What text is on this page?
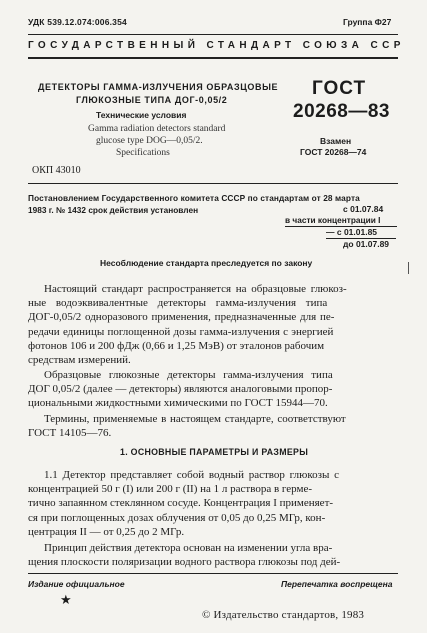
УДК 539.12.074:006.354	Группа Ф27
ГОСУДАРСТВЕННЫЙ СТАНДАРТ СОЮЗА ССР
ДЕТЕКТОРЫ ГАММА-ИЗЛУЧЕНИЯ ОБРАЗЦОВЫЕ
ГЛЮКОЗНЫЕ ТИПА ДОГ-0,05/2
Технические условия
Gamma radiation detectors standard
glucose type DOG—0,05/2.
Specifications
ГОСТ
20268—83
Взамен
ГОСТ 20268—74
ОКП 43010
Постановлением Государственного комитета СССР по стандартам от 28 марта
1983 г. № 1432 срок действия установлен	с 01.07.84
в части концентрации I
— с 01.01.85
до 01.07.89
Несоблюдение стандарта преследуется по закону
Настоящий стандарт распространяется на образцовые глюкоз-
ные водоэквивалентные детекторы гамма-излучения типа
ДОГ-0,05/2 одноразового применения, предназначенные для пе-
редачи единицы поглощенной дозы гамма-излучения с энергией
фотонов 106 и 200 фДж (0,66 и 1,25 МэВ) от эталонов рабочим
средствам измерений.
Образцовые глюкозные детекторы гамма-излучения типа
ДОГ 0,05/2 (далее — детекторы) являются аналоговыми пропор-
циональными жидкостными химическими по ГОСТ 15944—70.
Термины, применяемые в настоящем стандарте, соответствуют
ГОСТ 14105—76.
1. ОСНОВНЫЕ ПАРАМЕТРЫ И РАЗМЕРЫ
1.1 Детектор представляет собой водный раствор глюкозы с
концентрацией 50 г (I) или 200 г (II) на 1 л раствора в герме-
тично запаянном стеклянном сосуде. Концентрация I применяет-
ся при поглощенных дозах облучения от 0,05 до 0,25 МГр, кон-
центрация II — от 0,25 до 2 МГр.
Принцип действия детектора основан на изменении угла вра-
щения плоскости поляризации водного раствора глюкозы под дей-
Издание официальное	Перепечатка воспрещена
★
© Издательство стандартов, 1983
